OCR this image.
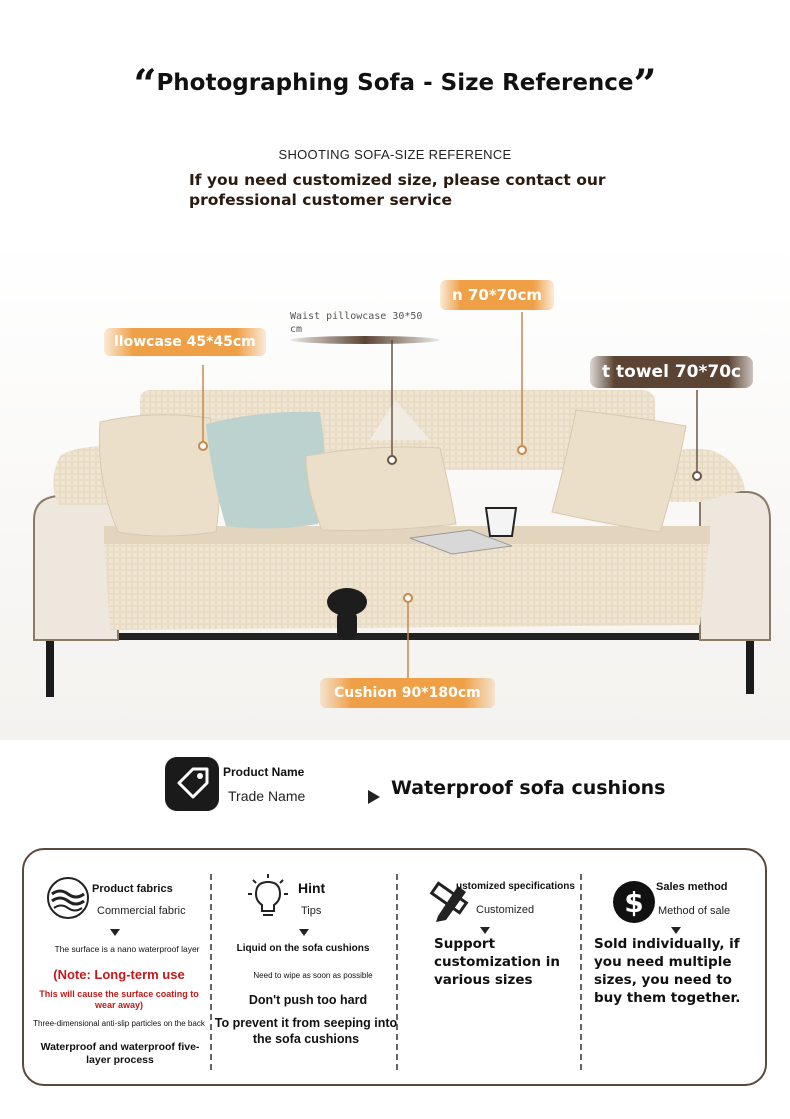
“Photographing Sofa - Size Reference”
SHOOTING SOFA-SIZE REFERENCE
If you need customized size, please contact our
professional customer service
llowcase 45*45cm
Waist pillowcase 30*50 cm
n 70*70cm
t towel 70*70c
Cushion 90*180cm
Product Name
Trade Name	Waterproof sofa cushions
Product fabrics
Commercial fabric
The surface is a nano waterproof layer
(Note: Long-term use
This will cause the surface coating to wear away)
Three-dimensional anti-slip particles on the back
Waterproof and waterproof five-layer process
Hint
Tips
Liquid on the sofa cushions
Need to wipe as soon as possible
Don't push too hard
To prevent it from seeping into the sofa cushions
ustomized specifications
Customized
Support customization in various sizes
$ Sales method
Method of sale
Sold individually, if you need multiple sizes, you need to buy them together.
